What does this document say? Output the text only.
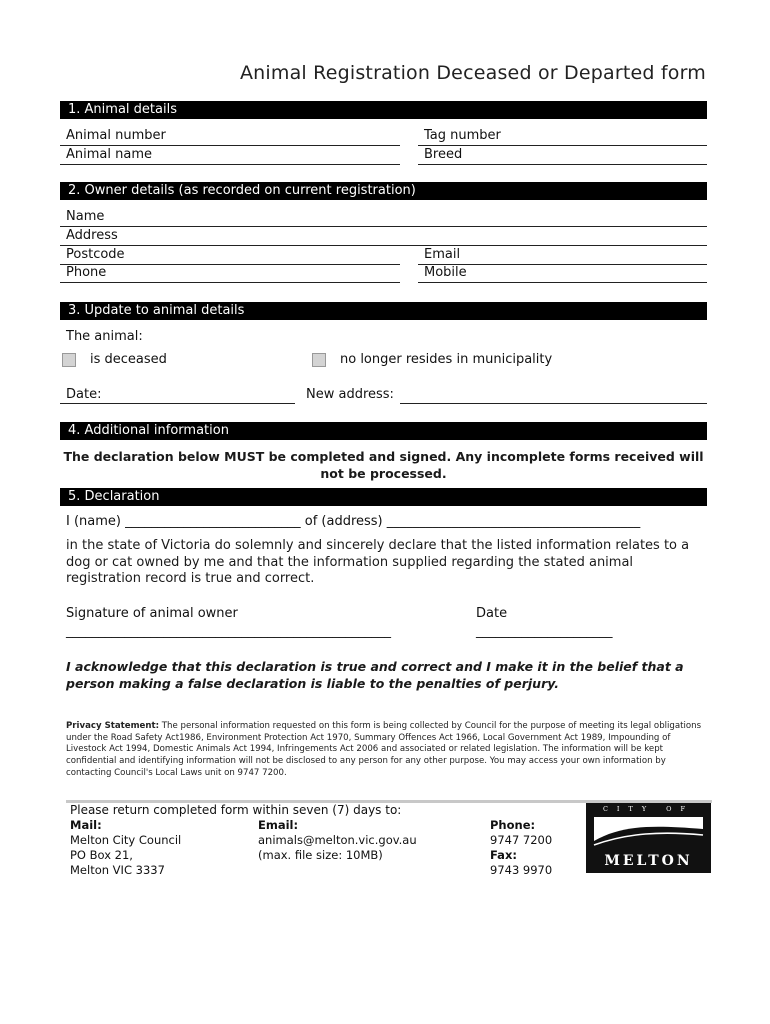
Animal Registration Deceased or Departed form
1. Animal details
Animal number	Tag number
Animal name	Breed
2. Owner details (as recorded on current registration)
Name
Address
Postcode	Email
Phone	Mobile
3. Update to animal details
The animal:
is deceased	no longer resides in municipality
Date:	New address:
4. Additional information
The declaration below MUST be completed and signed. Any incomplete forms received will not be processed.
5. Declaration
I (name) ___________________________ of (address) _______________________________________
in the state of Victoria do solemnly and sincerely declare that the listed information relates to a dog or cat owned by me and that the information supplied regarding the stated animal registration record is true and correct.
Signature of animal owner	Date
__________________________________________________	_____________________
I acknowledge that this declaration is true and correct and I make it in the belief that a person making a false declaration is liable to the penalties of perjury.
Privacy Statement: The personal information requested on this form is being collected by Council for the purpose of meeting its legal obligations under the Road Safety Act1986, Environment Protection Act 1970, Summary Offences Act 1966, Local Government Act 1989, Impounding of Livestock Act 1994, Domestic Animals Act 1994, Infringements Act 2006 and associated or related legislation. The information will be kept confidential and identifying information will not be disclosed to any person for any other purpose. You may access your own information by contacting Council's Local Laws unit on 9747 7200.
Please return completed form within seven (7) days to:
Mail:
Melton City Council
PO Box 21,
Melton VIC 3337
Email:
animals@melton.vic.gov.au
(max. file size: 10MB)
Phone:
9747 7200
Fax:
9743 9970
CITY OF
MELTON
